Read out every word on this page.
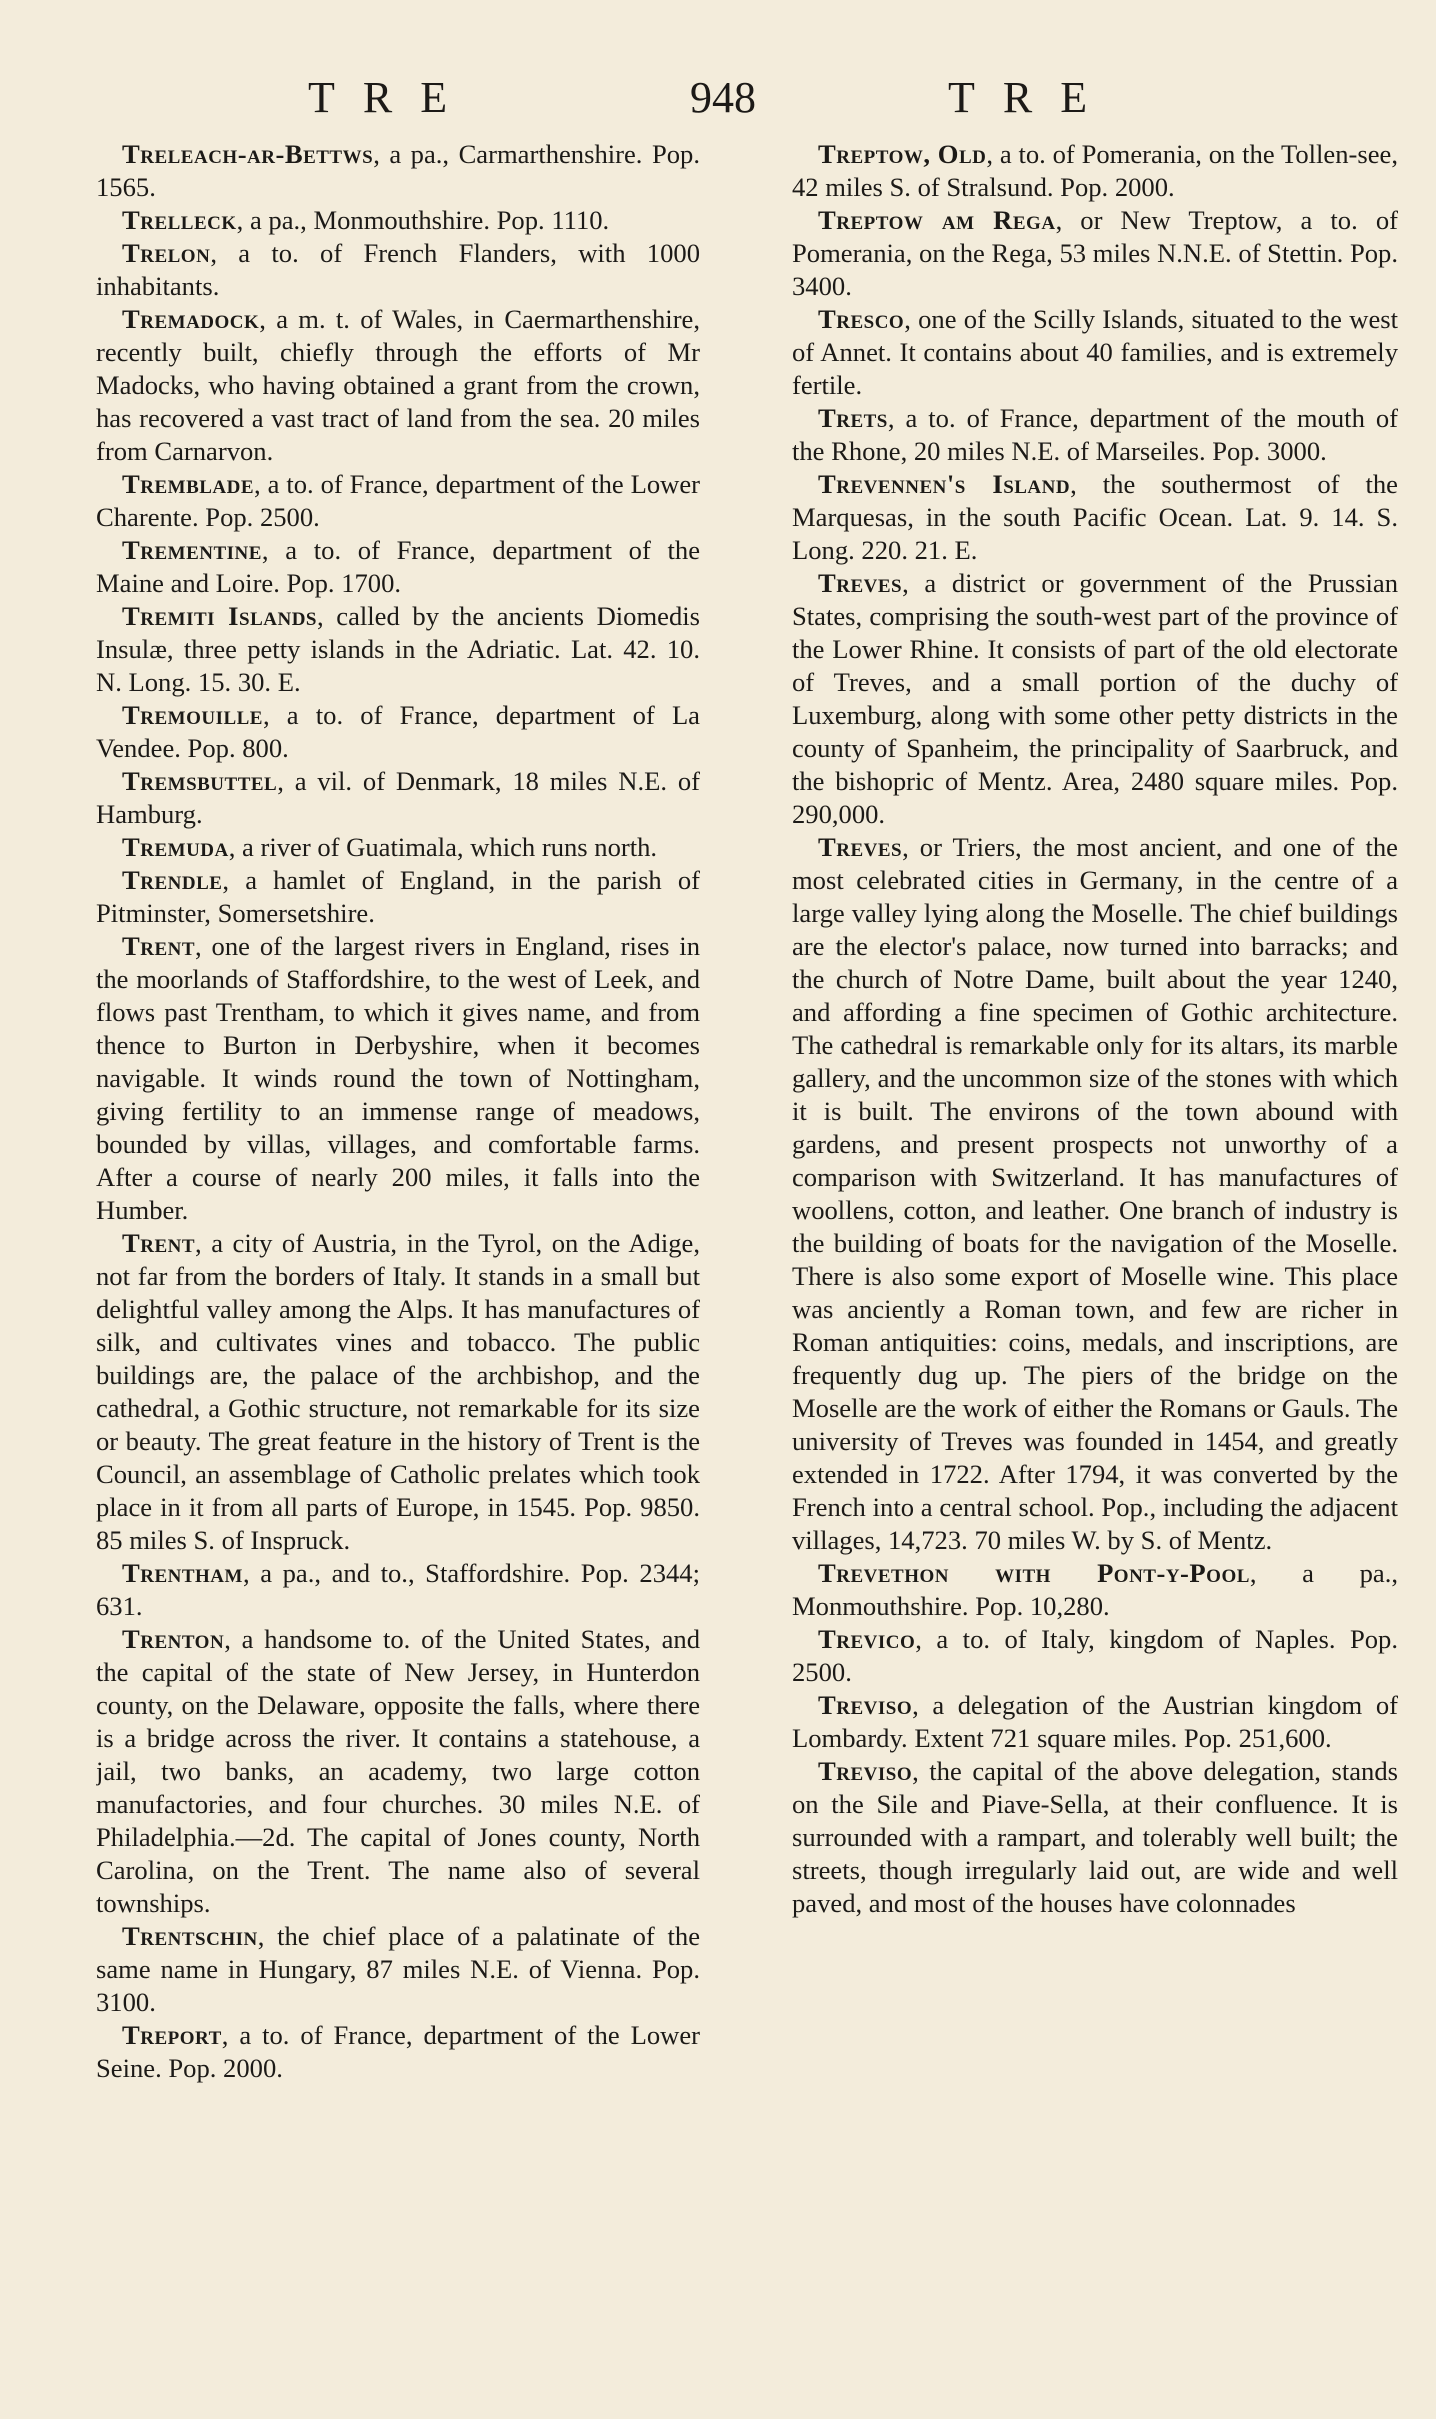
TRE	948	TRE

Treleach-ar-Bettws, a pa., Carmarthenshire. Pop. 1565.

Trelleck, a pa., Monmouthshire. Pop. 1110.

Trelon, a to. of French Flanders, with 1000 inhabitants.

Tremadock, a m. t. of Wales, in Caermarthenshire, recently built, chiefly through the efforts of Mr Madocks, who having obtained a grant from the crown, has recovered a vast tract of land from the sea. 20 miles from Carnarvon.

Tremblade, a to. of France, department of the Lower Charente. Pop. 2500.

Trementine, a to. of France, department of the Maine and Loire. Pop. 1700.

Tremiti Islands, called by the ancients Diomedis Insulæ, three petty islands in the Adriatic. Lat. 42. 10. N. Long. 15. 30. E.

Tremouille, a to. of France, department of La Vendee. Pop. 800.

Tremsbuttel, a vil. of Denmark, 18 miles N.E. of Hamburg.

Tremuda, a river of Guatimala, which runs north.

Trendle, a hamlet of England, in the parish of Pitminster, Somersetshire.

Trent, one of the largest rivers in England, rises in the moorlands of Staffordshire, to the west of Leek, and flows past Trentham, to which it gives name, and from thence to Burton in Derbyshire, when it becomes navigable. It winds round the town of Nottingham, giving fertility to an immense range of meadows, bounded by villas, villages, and comfortable farms. After a course of nearly 200 miles, it falls into the Humber.

Trent, a city of Austria, in the Tyrol, on the Adige, not far from the borders of Italy. It stands in a small but delightful valley among the Alps. It has manufactures of silk, and cultivates vines and tobacco. The public buildings are, the palace of the archbishop, and the cathedral, a Gothic structure, not remarkable for its size or beauty. The great feature in the history of Trent is the Council, an assemblage of Catholic prelates which took place in it from all parts of Europe, in 1545. Pop. 9850. 85 miles S. of Inspruck.

Trentham, a pa., and to., Staffordshire. Pop. 2344; 631.

Trenton, a handsome to. of the United States, and the capital of the state of New Jersey, in Hunterdon county, on the Delaware, opposite the falls, where there is a bridge across the river. It contains a statehouse, a jail, two banks, an academy, two large cotton manufactories, and four churches. 30 miles N.E. of Philadelphia.—2d. The capital of Jones county, North Carolina, on the Trent. The name also of several townships.

Trentschin, the chief place of a palatinate of the same name in Hungary, 87 miles N.E. of Vienna. Pop. 3100.

Treport, a to. of France, department of the Lower Seine. Pop. 2000.

Treptow, Old, a to. of Pomerania, on the Tollen-see, 42 miles S. of Stralsund. Pop. 2000.

Treptow am Rega, or New Treptow, a to. of Pomerania, on the Rega, 53 miles N.N.E. of Stettin. Pop. 3400.

Tresco, one of the Scilly Islands, situated to the west of Annet. It contains about 40 families, and is extremely fertile.

Trets, a to. of France, department of the mouth of the Rhone, 20 miles N.E. of Marseiles. Pop. 3000.

Trevennen's Island, the southermost of the Marquesas, in the south Pacific Ocean. Lat. 9. 14. S. Long. 220. 21. E.

Treves, a district or government of the Prussian States, comprising the south-west part of the province of the Lower Rhine. It consists of part of the old electorate of Treves, and a small portion of the duchy of Luxemburg, along with some other petty districts in the county of Spanheim, the principality of Saarbruck, and the bishopric of Mentz. Area, 2480 square miles. Pop. 290,000.

Treves, or Triers, the most ancient, and one of the most celebrated cities in Germany, in the centre of a large valley lying along the Moselle. The chief buildings are the elector's palace, now turned into barracks; and the church of Notre Dame, built about the year 1240, and affording a fine specimen of Gothic architecture. The cathedral is remarkable only for its altars, its marble gallery, and the uncommon size of the stones with which it is built. The environs of the town abound with gardens, and present prospects not unworthy of a comparison with Switzerland. It has manufactures of woollens, cotton, and leather. One branch of industry is the building of boats for the navigation of the Moselle. There is also some export of Moselle wine. This place was anciently a Roman town, and few are richer in Roman antiquities: coins, medals, and inscriptions, are frequently dug up. The piers of the bridge on the Moselle are the work of either the Romans or Gauls. The university of Treves was founded in 1454, and greatly extended in 1722. After 1794, it was converted by the French into a central school. Pop., including the adjacent villages, 14,723. 70 miles W. by S. of Mentz.

Trevethon with Pont-y-Pool, a pa., Monmouthshire. Pop. 10,280.

Trevico, a to. of Italy, kingdom of Naples. Pop. 2500.

Treviso, a delegation of the Austrian kingdom of Lombardy. Extent 721 square miles. Pop. 251,600.

Treviso, the capital of the above delegation, stands on the Sile and Piave-Sella, at their confluence. It is surrounded with a rampart, and tolerably well built; the streets, though irregularly laid out, are wide and well paved, and most of the houses have colonnades
